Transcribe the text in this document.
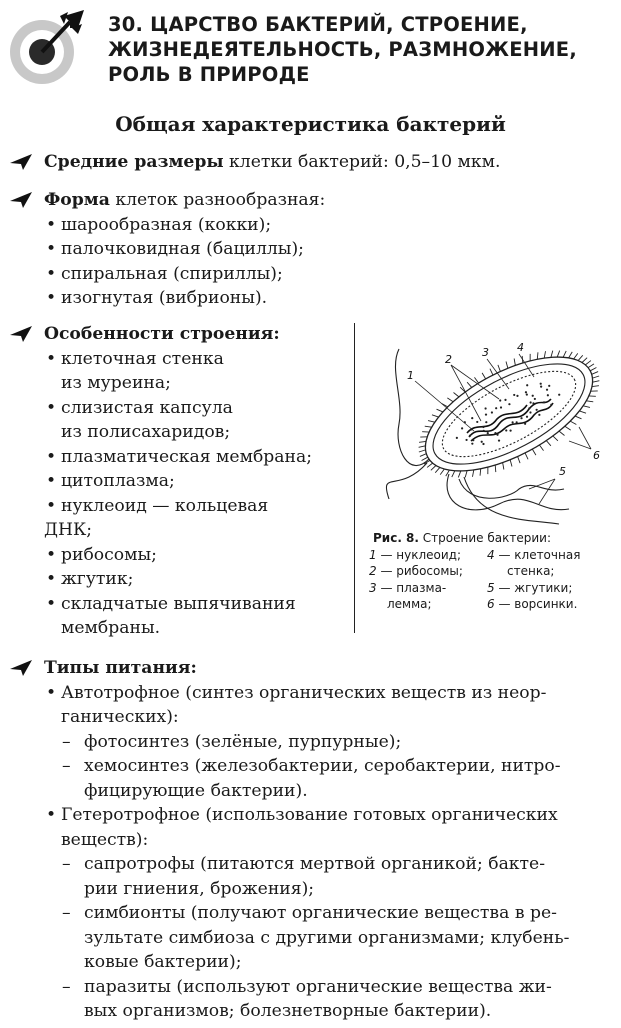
30. ЦАРСТВО БАКТЕРИЙ, СТРОЕНИЕ,
ЖИЗНЕДЕЯТЕЛЬНОСТЬ, РАЗМНОЖЕНИЕ,
РОЛЬ В ПРИРОДЕ
Общая характеристика бактерий
Средние размеры клетки бактерий: 0,5–10 мкм.
Форма клеток разнообразная:
• шарообразная (кокки);
• палочковидная (бациллы);
• спиральная (спириллы);
• изогнутая (вибрионы).
Особенности строения:
• клеточная стенка
из муреина;
• слизистая капсула
из полисахаридов;
• плазматическая мембрана;
• цитоплазма;
• нуклеоид — кольцевая
ДНК;
• рибосомы;
• жгутик;
• складчатые выпячивания
мембраны.
1
2
3	4
5
6
Рис. 8. Строение бактерии:
1 — нуклеоид;	4 — клеточная
2 — рибосомы;	стенка;
3 — плазма-	5 — жгутики;
лемма;	6 — ворсинки.
Типы питания:
• Автотрофное (синтез органических веществ из неор-
ганических):
– фотосинтез (зелёные, пурпурные);
– хемосинтез (железобактерии, серобактерии, нитро-
фицирующие бактерии).
• Гетеротрофное (использование готовых органических
веществ):
– сапротрофы (питаются мертвой органикой; бакте-
рии гниения, брожения);
– симбионты (получают органические вещества в ре-
зультате симбиоза с другими организмами; клубень-
ковые бактерии);
– паразиты (используют органические вещества жи-
вых организмов; болезнетворные бактерии).
